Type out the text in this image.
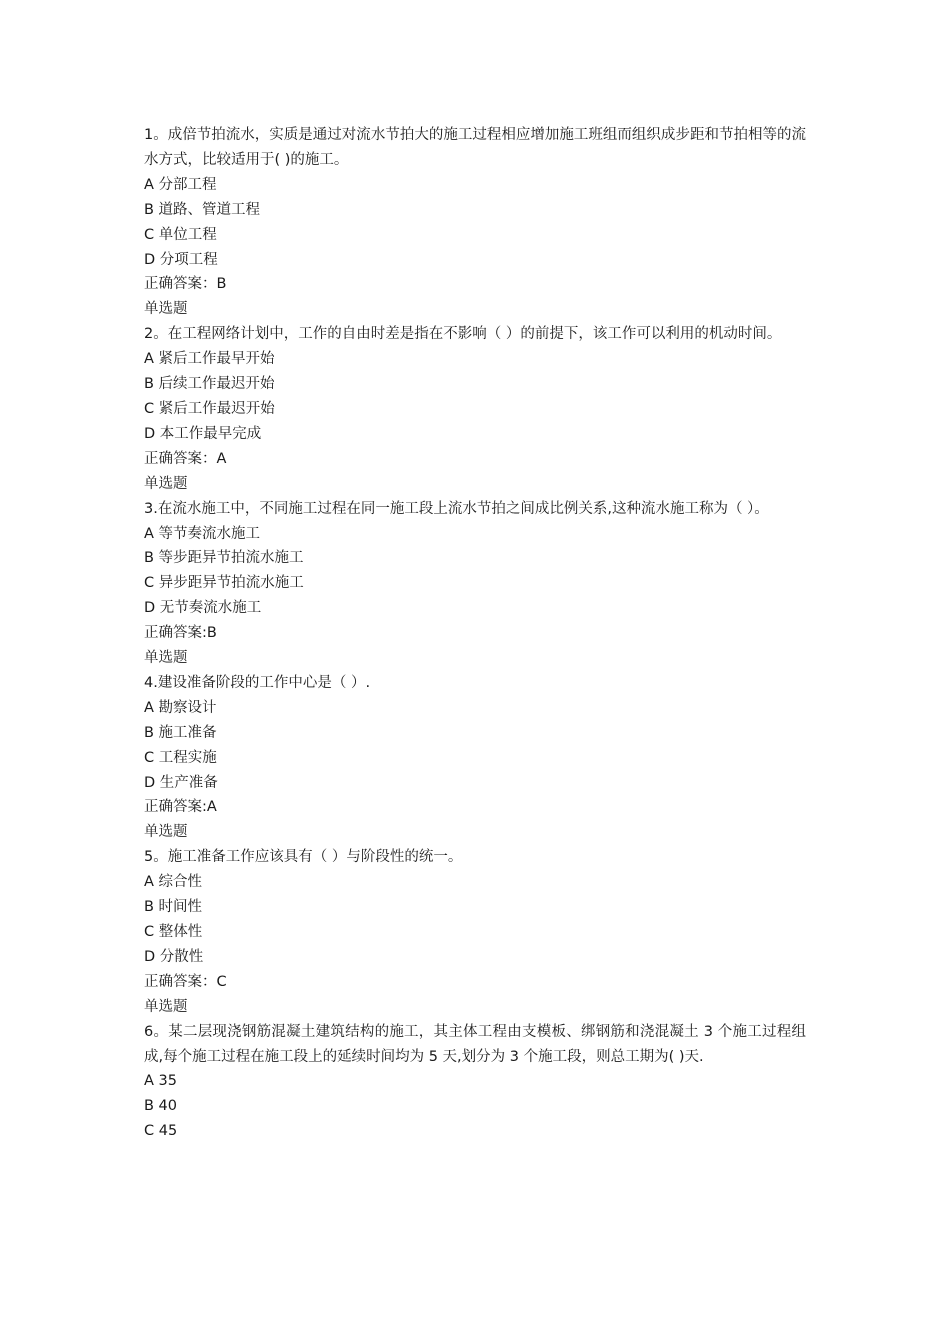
1。成倍节拍流水，实质是通过对流水节拍大的施工过程相应增加施工班组而组织成步距和节拍相等的流水方式，比较适用于( )的施工。
A 分部工程
B 道路、管道工程
C 单位工程
D 分项工程
正确答案：B
单选题
2。在工程网络计划中，工作的自由时差是指在不影响（ ）的前提下，该工作可以利用的机动时间。
A 紧后工作最早开始
B 后续工作最迟开始
C 紧后工作最迟开始
D 本工作最早完成
正确答案：A
单选题
3.在流水施工中，不同施工过程在同一施工段上流水节拍之间成比例关系,这种流水施工称为（ ）。
A 等节奏流水施工
B 等步距异节拍流水施工
C 异步距异节拍流水施工
D 无节奏流水施工
正确答案:B
单选题
4.建设准备阶段的工作中心是（ ）.
A 勘察设计
B 施工准备
C 工程实施
D 生产准备
正确答案:A
单选题
5。施工准备工作应该具有（ ）与阶段性的统一。
A 综合性
B 时间性
C 整体性
D 分散性
正确答案：C
单选题
6。某二层现浇钢筋混凝土建筑结构的施工，其主体工程由支模板、绑钢筋和浇混凝土 3 个施工过程组成,每个施工过程在施工段上的延续时间均为 5 天,划分为 3 个施工段，则总工期为( )天.
A 35
B 40
C 45
